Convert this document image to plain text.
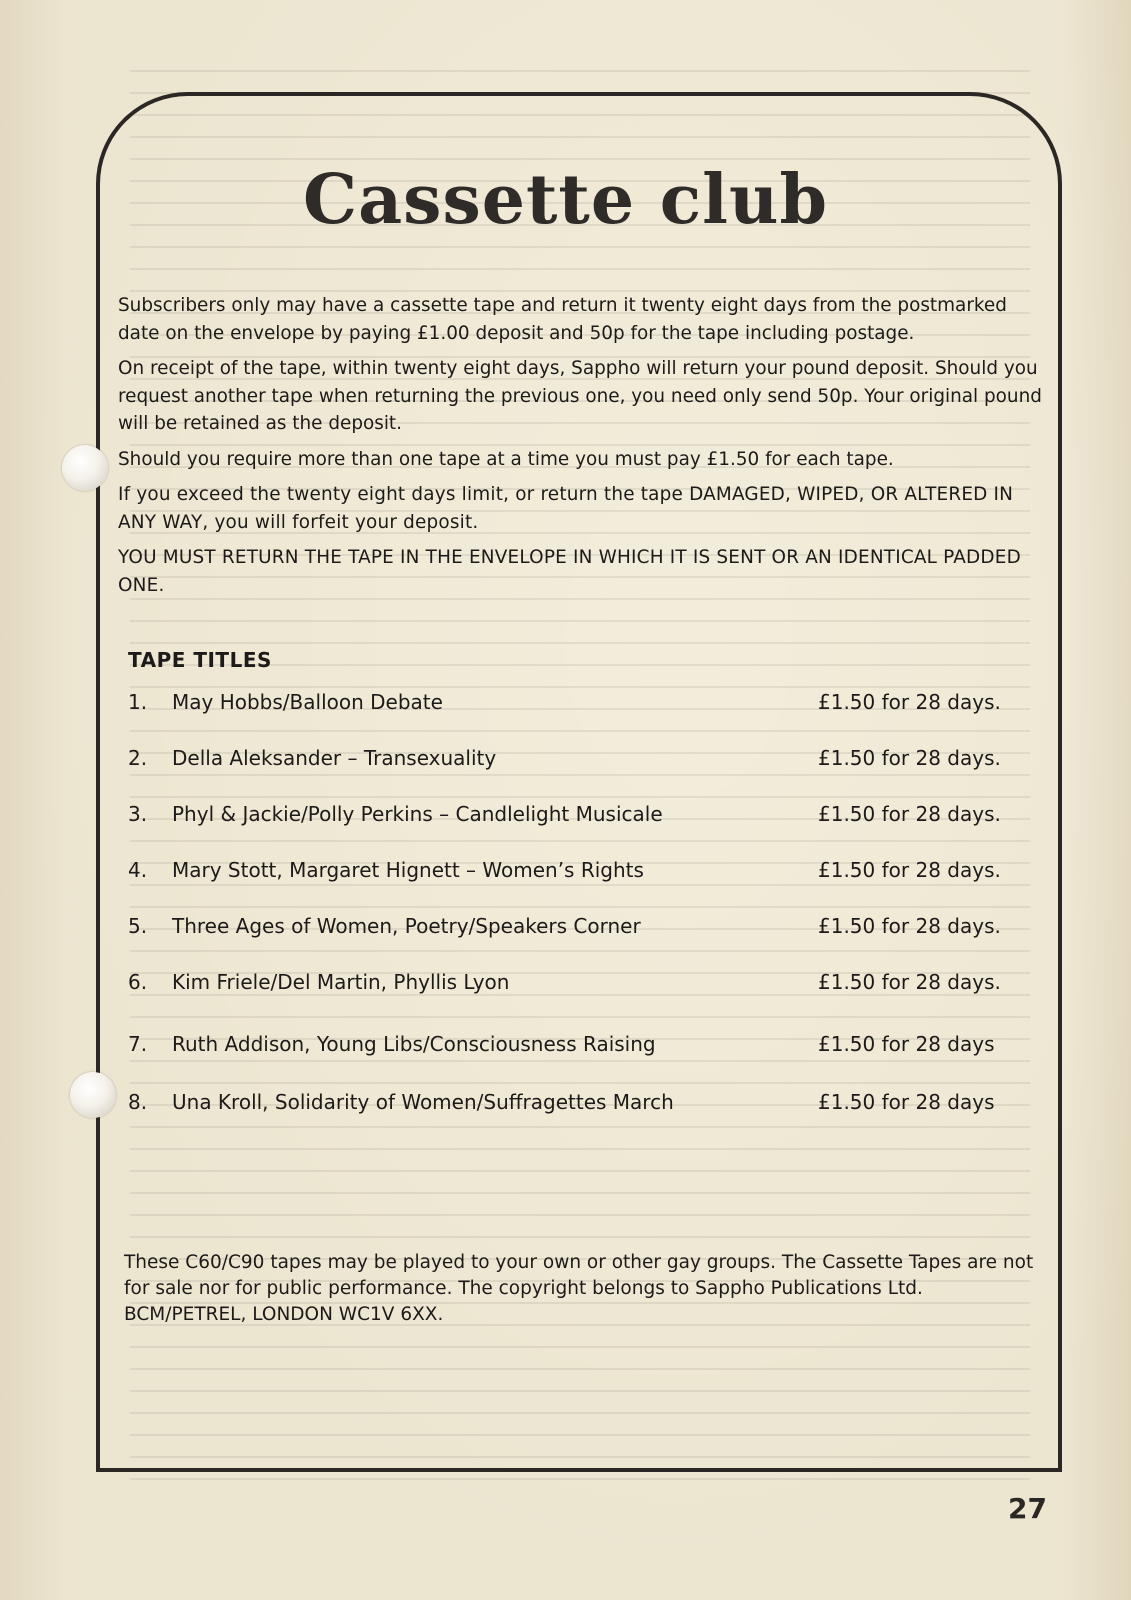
Cassette club

Subscribers only may have a cassette tape and return it twenty eight days from the postmarked date on the envelope by paying £1.00 deposit and 50p for the tape including postage.

On receipt of the tape, within twenty eight days, Sappho will return your pound deposit. Should you request another tape when returning the previous one, you need only send 50p. Your original pound will be retained as the deposit.

Should you require more than one tape at a time you must pay £1.50 for each tape.

If you exceed the twenty eight days limit, or return the tape DAMAGED, WIPED, OR ALTERED IN ANY WAY, you will forfeit your deposit.

YOU MUST RETURN THE TAPE IN THE ENVELOPE IN WHICH IT IS SENT OR AN IDENTICAL PADDED ONE.

TAPE TITLES
1.	May Hobbs/Balloon Debate	£1.50 for 28 days.
2.	Della Aleksander – Transexuality	£1.50 for 28 days.
3.	Phyl & Jackie/Polly Perkins – Candlelight Musicale	£1.50 for 28 days.
4.	Mary Stott, Margaret Hignett – Women’s Rights	£1.50 for 28 days.
5.	Three Ages of Women, Poetry/Speakers Corner	£1.50 for 28 days.
6.	Kim Friele/Del Martin, Phyllis Lyon	£1.50 for 28 days.
7.	Ruth Addison, Young Libs/Consciousness Raising	£1.50 for 28 days
8.	Una Kroll, Solidarity of Women/Suffragettes March	£1.50 for 28 days

These C60/C90 tapes may be played to your own or other gay groups. The Cassette Tapes are not for sale nor for public performance. The copyright belongs to Sappho Publications Ltd. BCM/PETREL, LONDON WC1V 6XX.

27
